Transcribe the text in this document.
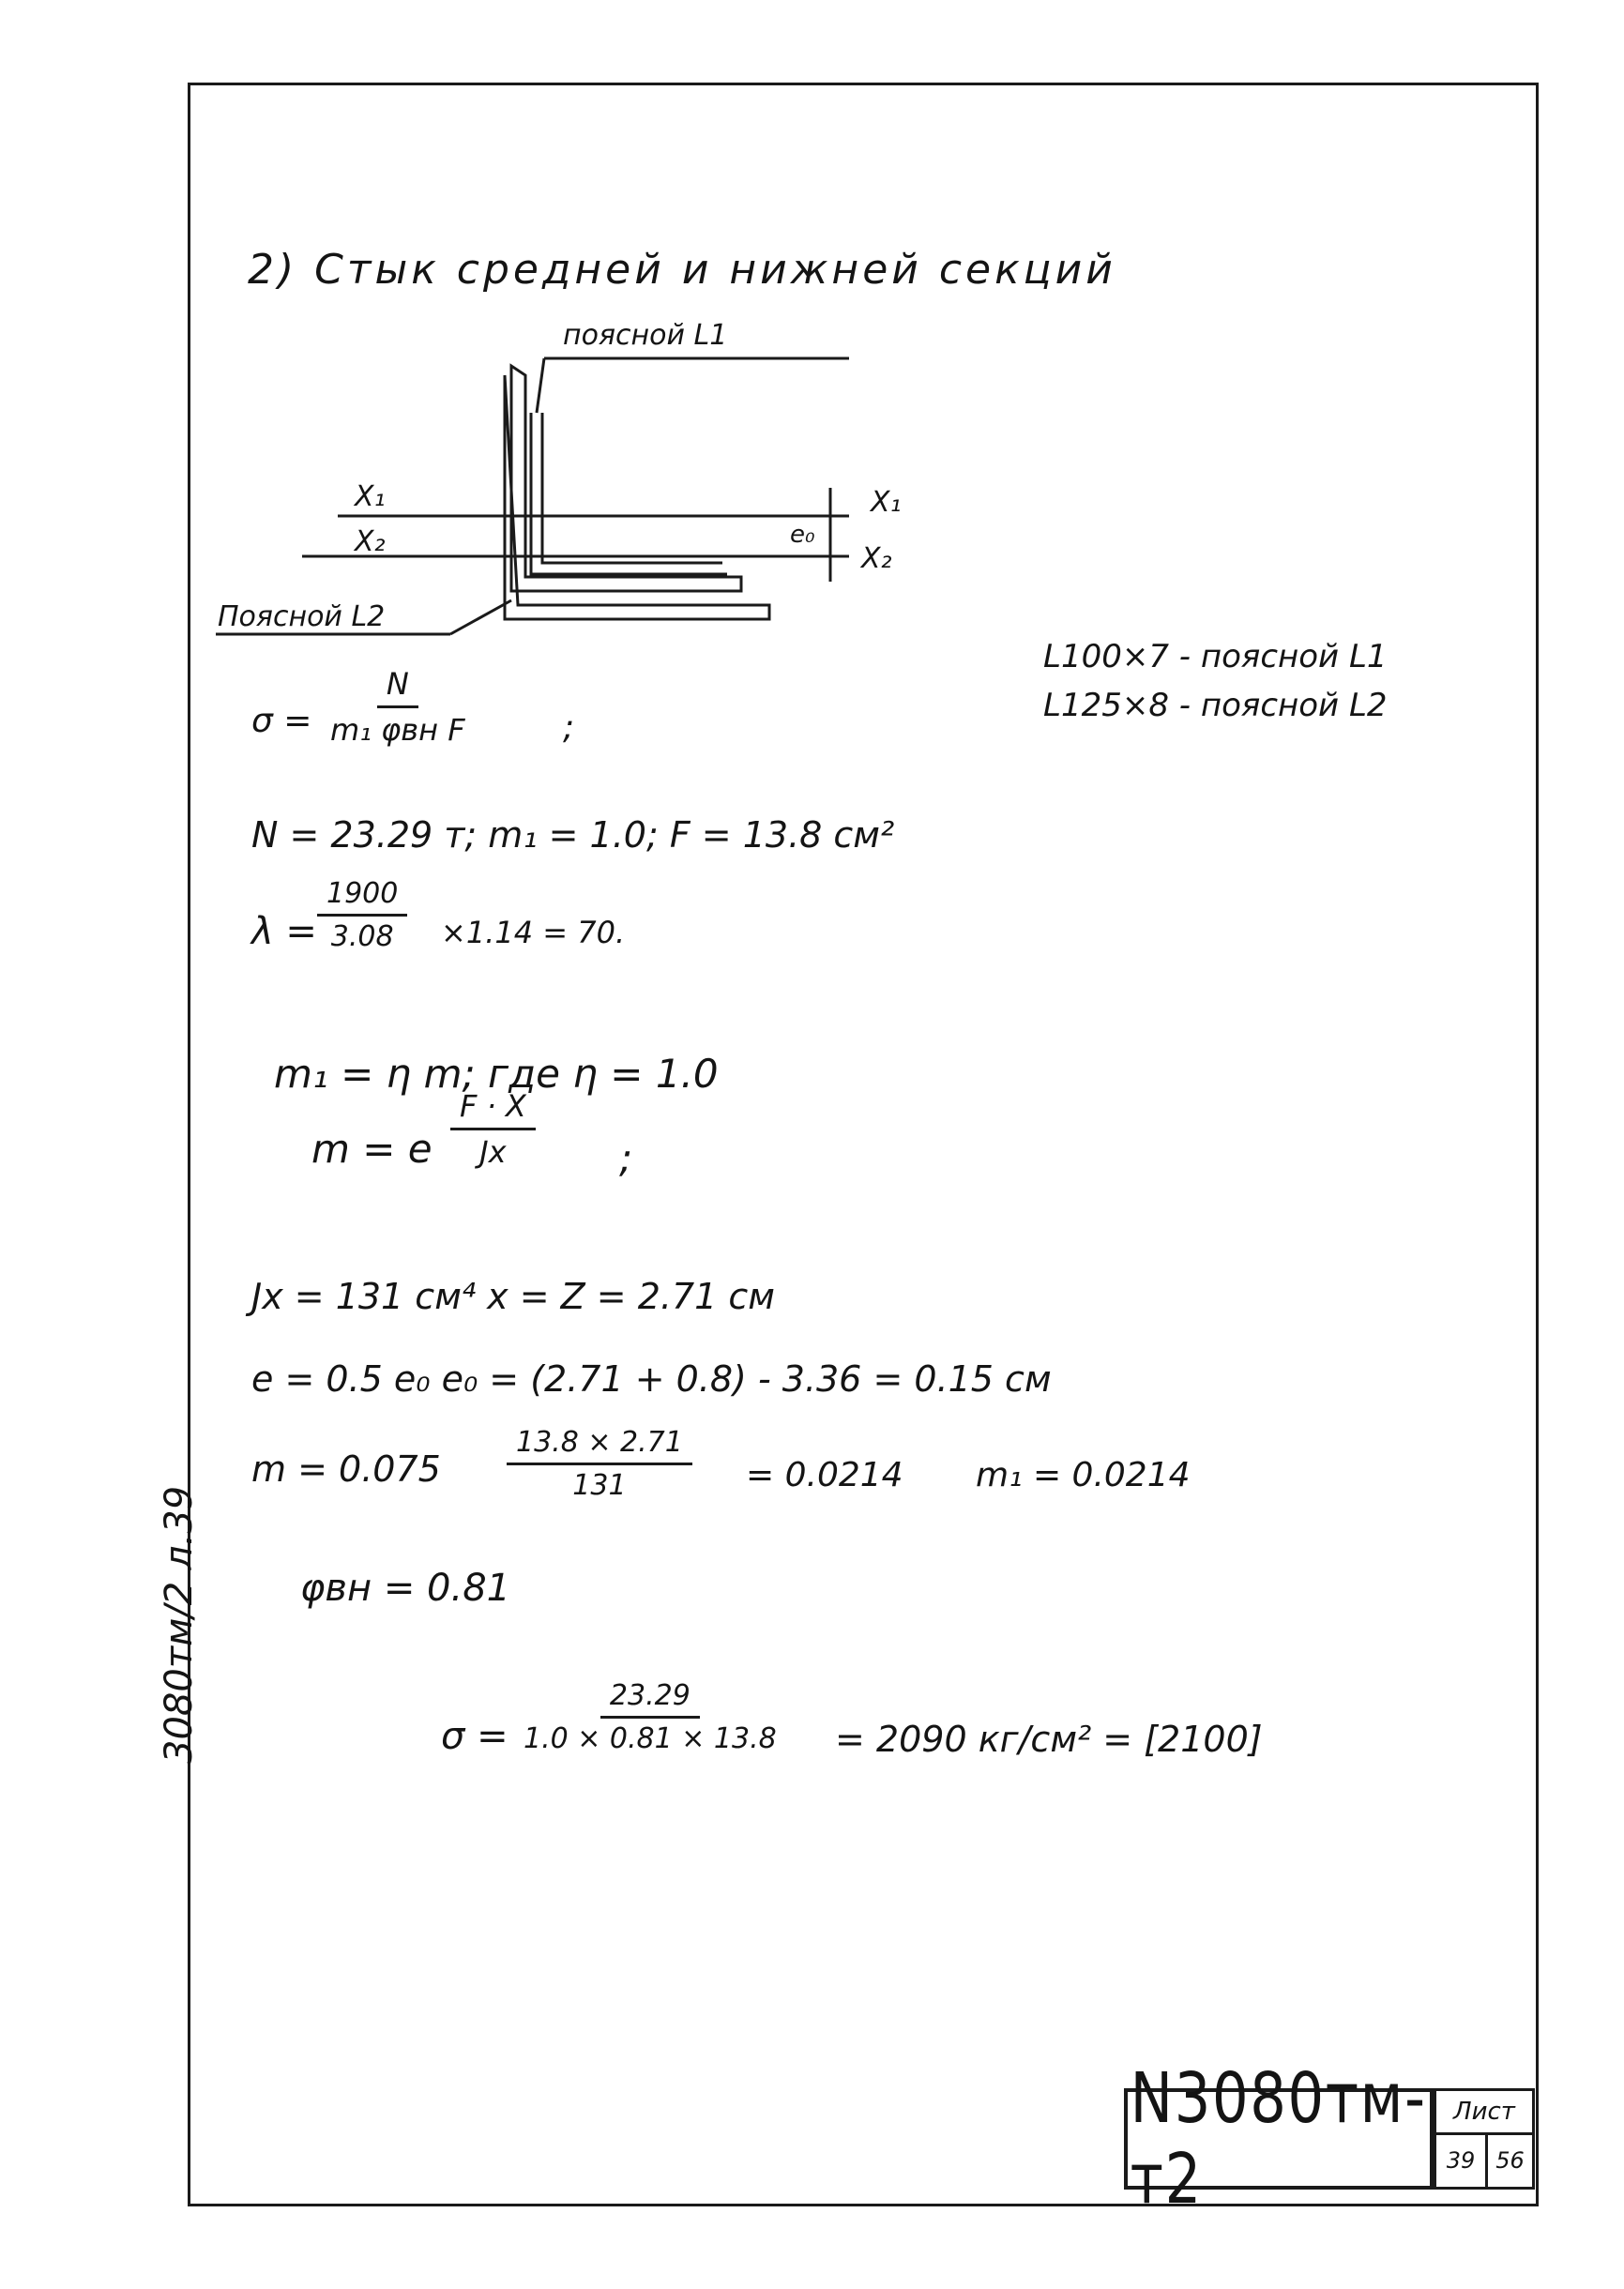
3080тм/2 л.39
2) Стык средней и нижней секций
поясной L1
Поясной L2
X₁
X₂
X₁
X₂
e₀
L100×7 - поясной L1
L125×8 - поясной L2
σ =
N
m₁ φвн F	;
N = 23.29 т; m₁ = 1.0; F = 13.8 см²
$\lambda = \frac{1900}{3.08} \times 1.14 = 70$.
m₁ = η m; где η = 1.0
m = e $\frac{F \cdot X}{Jx}$ ;
Jx = 131 см⁴ x = Z = 2.71 см
e = 0.5 e₀ e₀ = (2.71 + 0.8) - 3.36 = 0.15 см
$m = 0.075 \frac{13.8 \times 2.71}{131} = 0.0214$ m₁ = 0.0214
φвн = 0.81
$\sigma = \frac{23.29}{1.0 \times 0.81 \times 13.8} = 2090$ кг/см² = [2100]
N3080тм-т2
Лист
39 56
